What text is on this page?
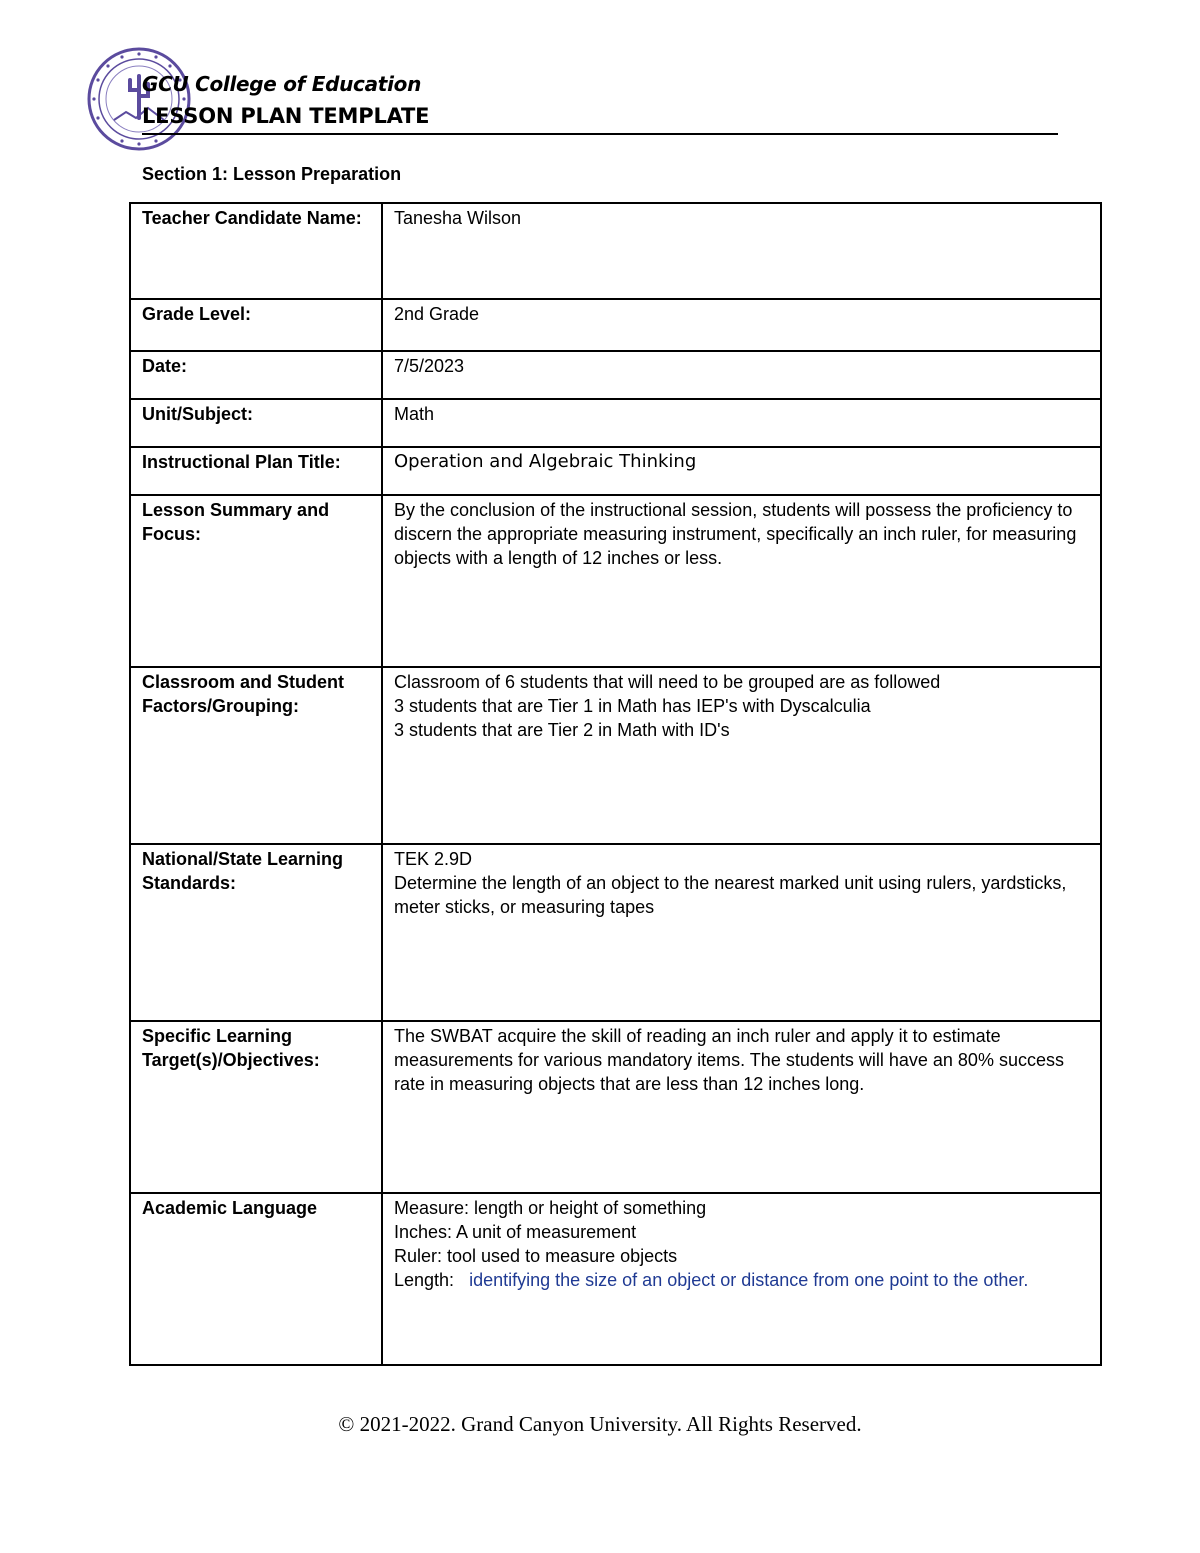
GCU College of Education
LESSON PLAN TEMPLATE
Section 1: Lesson Preparation
Teacher Candidate Name:	Tanesha Wilson
Grade Level:	2nd Grade
Date:	7/5/2023
Unit/Subject:	Math
Instructional Plan Title:	Operation and Algebraic Thinking
Lesson Summary and Focus:	By the conclusion of the instructional session, students will possess the proficiency to discern the appropriate measuring instrument, specifically an inch ruler, for measuring objects with a length of 12 inches or less.
Classroom and Student Factors/Grouping:	Classroom of 6 students that will need to be grouped are as followed
3 students that are Tier 1 in Math has IEP's with Dyscalculia
3 students that are Tier 2 in Math with ID's
National/State Learning Standards:	TEK 2.9D
Determine the length of an object to the nearest marked unit using rulers, yardsticks, meter sticks, or measuring tapes
Specific Learning Target(s)/Objectives:	The SWBAT acquire the skill of reading an inch ruler and apply it to estimate measurements for various mandatory items. The students will have an 80% success rate in measuring objects that are less than 12 inches long.
Academic Language	Measure: length or height of something
Inches: A unit of measurement
Ruler: tool used to measure objects
Length: identifying the size of an object or distance from one point to the other.
© 2021-2022. Grand Canyon University. All Rights Reserved.
